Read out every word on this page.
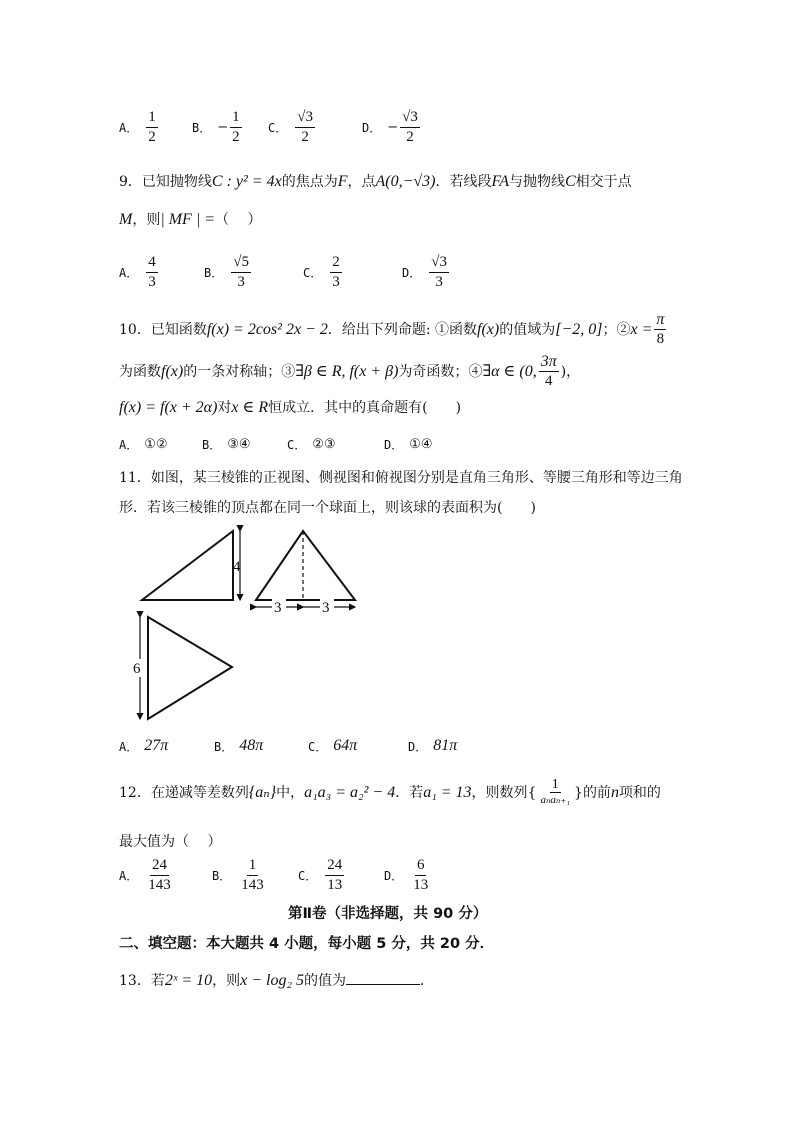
A． $\frac{1}{2}$	B． − $\frac{1}{2}$ C． $\frac{√3}{2}$	D． − $\frac{√3}{2}$
9．已知抛物线C : y² = 4x的焦点为F，点A(0,−√3)．若线段FA与抛物线C相交于点
M，则| MF | =（　 ）
A． $\frac{4}{3}$	B． $\frac{√5}{3}$	C． $\frac{2}{3}$	D． $\frac{√3}{3}$
10．已知函数 f(x) = 2cos² 2x − 2 ．给出下列命题: ①函数 f(x) 的值域为 [−2, 0] ；② $x = \frac{\pi}{8}$
为函数 f(x) 的一条对称轴；③ ∃β ∈ R, f(x + β) 为奇函数；④ ∃α ∈ (0, $\frac{3\pi}{4}$ )，
f(x) = f(x + 2α)对x ∈ R恒成立．其中的真命题有(　　)
A． ①②	B． ③④	C． ②③	D． ①④
11．如图，某三棱锥的正视图、侧视图和俯视图分别是直角三角形、等腰三角形和等边三角
形．若该三棱锥的顶点都在同一个球面上，则该球的表面积为(　　)
4
3	3
6
A． 27π	B． 48π	C． 64π	D． 81π
12．在递减等差数列 {aₙ} 中， a₁a₃ = a₂² − 4 ．若 a₁ = 13 ，则数列 { $\frac{1}{\text{aₙaₙ₊₁}}$ } 的前 n 项和的
最大值为（　 ）
A． $\frac{24}{143}$	B． $\frac{1}{143}$	C． $\frac{24}{13}$	D． $\frac{6}{13}$
第Ⅱ卷（非选择题，共 90 分）
二、填空题：本大题共 4 小题，每小题 5 分，共 20 分．
13．若2ˣ = 10，则x − log₂ 5的值为	．
